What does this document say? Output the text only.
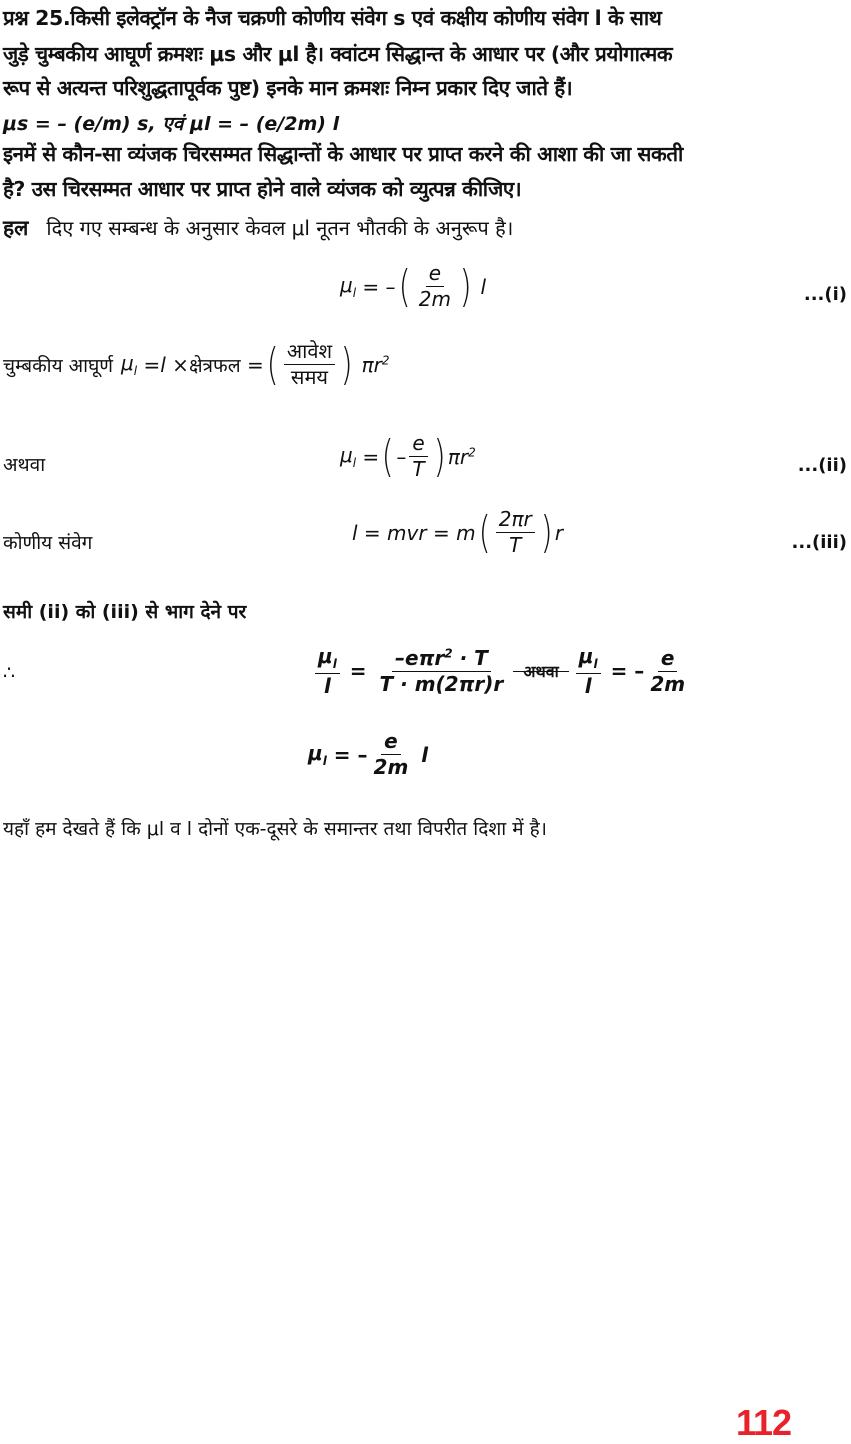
प्रश्न 25.किसी इलेक्ट्रॉन के नैज चक्रणी कोणीय संवेग s एवं कक्षीय कोणीय संवेग l के साथ
जुड़े चुम्बकीय आघूर्ण क्रमशः μs और μl है। क्वांटम सिद्धान्त के आधार पर (और प्रयोगात्मक
रूप से अत्यन्त परिशुद्धतापूर्वक पुष्ट) इनके मान क्रमशः निम्न प्रकार दिए जाते हैं।
μs = – (e/m) s, एवं μl = – (e/2m) l
इनमें से कौन-सा व्यंजक चिरसम्मत सिद्धान्तों के आधार पर प्राप्त करने की आशा की जा सकती
है? उस चिरसम्मत आधार पर प्राप्त होने वाले व्यंजक को व्युत्पन्न कीजिए।
हल दिए गए सम्बन्ध के अनुसार केवल μl नूतन भौतकी के अनुरूप है।
$\mu_l$ = – ( $\frac{e}{2m}$ ) l	...(i)
चुम्बकीय आघूर्ण $\mu_l = l$ × क्षेत्रफल = ( $\frac{\text{आवेश}}{\text{समय}}$ ) $\pi r^2$
अथवा	$\mu_l$ = ( – $\frac{e}{T}$ ) $\pi r^2$
...(ii)
कोणीय संवेग	l = mvr = m ( $\frac{2\pi r}{T}$ ) r	...(iii)
समी (ii) को (iii) से भाग देने पर
∴	$\frac{\mu_l}{l} = \frac{-e\pi r^2 \cdot T}{T \cdot m(2\pi r)r}$ अथवा $\frac{\mu_l}{l}$ = – $\frac{e}{2m}$
$\mu_l$ = – $\frac{e}{2m}$ l
यहाँ हम देखते हैं कि μl व l दोनों एक-दूसरे के समान्तर तथा विपरीत दिशा में है।
112
